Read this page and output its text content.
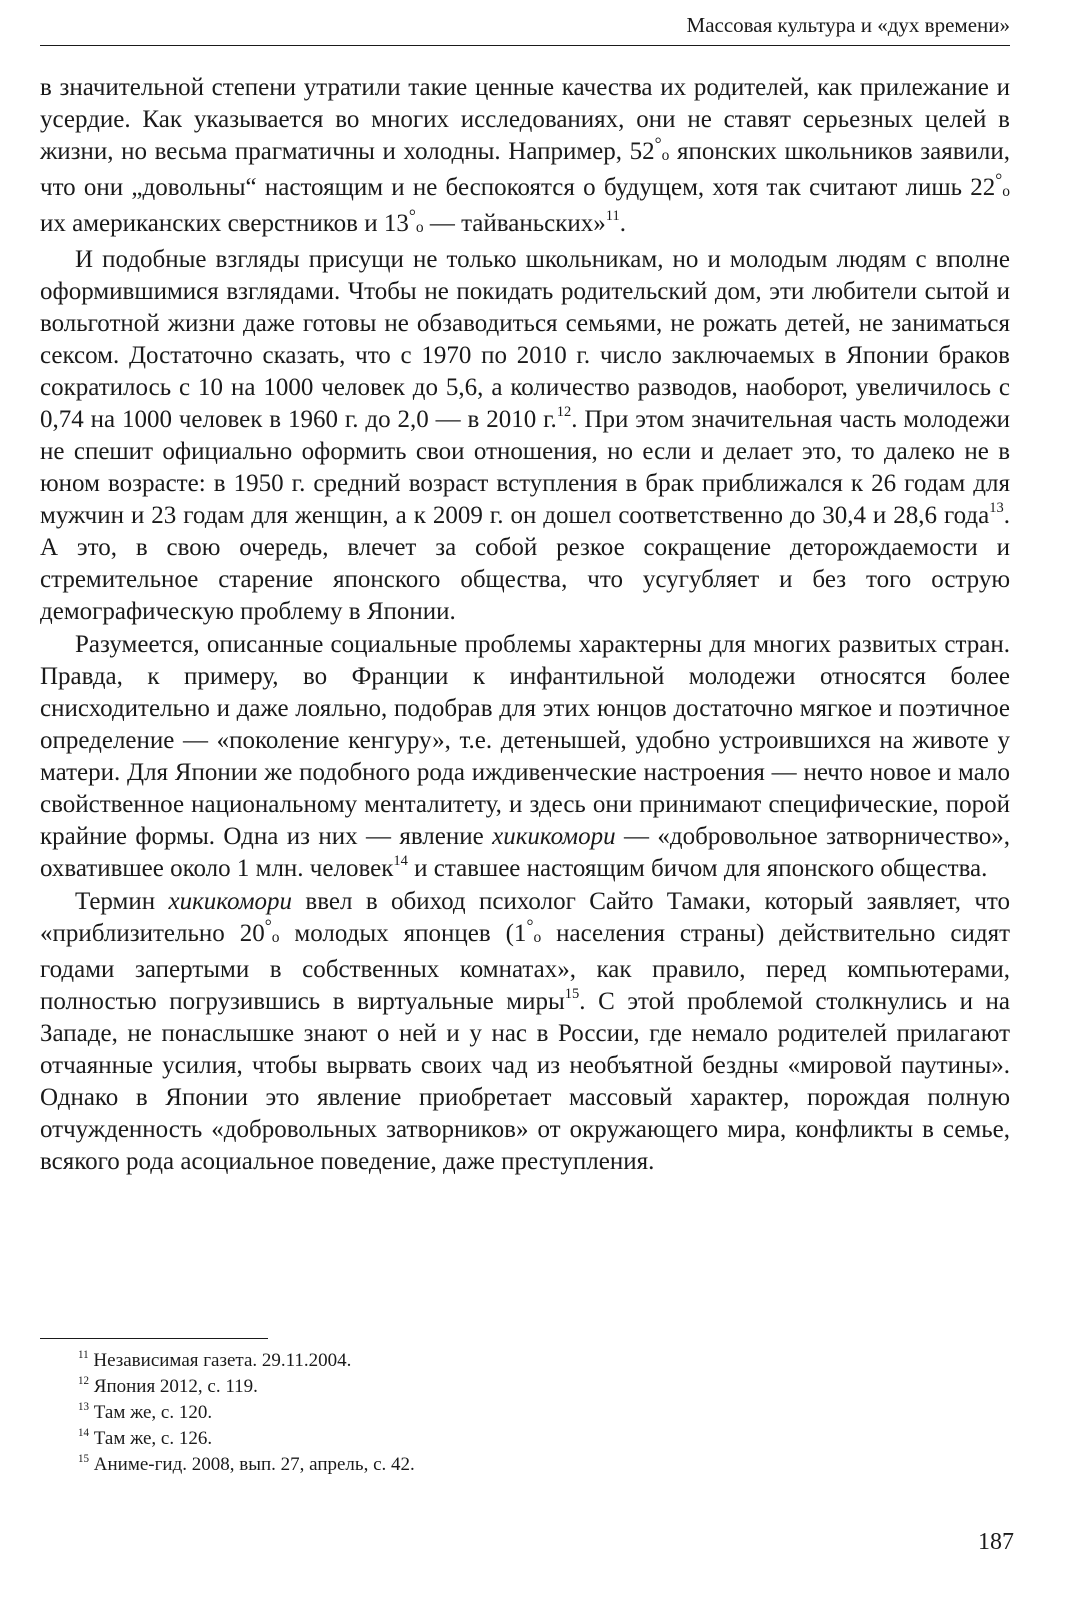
Массовая культура и «дух времени»

в значительной степени утратили такие ценные качества их родителей, как прилежание и усердие. Как указывается во многих исследованиях, они не ставят серьезных целей в жизни, но весьма прагматичны и холодны. Например, 52°о японских школьников заявили, что они „довольны“ настоящим и не беспокоятся о будущем, хотя так считают лишь 22°о их американских сверстников и 13°о — тайваньских»$^{11}$.

И подобные взгляды присущи не только школьникам, но и молодым людям с вполне оформившимися взглядами. Чтобы не покидать родительский дом, эти любители сытой и вольготной жизни даже готовы не обзаводиться семьями, не рожать детей, не заниматься сексом. Достаточно сказать, что с 1970 по 2010 г. число заключаемых в Японии браков сократилось с 10 на 1000 человек до 5,6, а количество разводов, наоборот, увеличилось с 0,74 на 1000 человек в 1960 г. до 2,0 — в 2010 г.$^{12}$. При этом значительная часть молодежи не спешит официально оформить свои отношения, но если и делает это, то далеко не в юном возрасте: в 1950 г. средний возраст вступления в брак приближался к 26 годам для мужчин и 23 годам для женщин, а к 2009 г. он дошел соответственно до 30,4 и 28,6 года$^{13}$. А это, в свою очередь, влечет за собой резкое сокращение деторождаемости и стремительное старение японского общества, что усугубляет и без того острую демографическую проблему в Японии.

Разумеется, описанные социальные проблемы характерны для многих развитых стран. Правда, к примеру, во Франции к инфантильной молодежи относятся более снисходительно и даже лояльно, подобрав для этих юнцов достаточно мягкое и поэтичное определение — «поколение кенгуру», т.е. детенышей, удобно устроившихся на животе у матери. Для Японии же подобного рода иждивенческие настроения — нечто новое и мало свойственное национальному менталитету, и здесь они принимают специфические, порой крайние формы. Одна из них — явление хикикомори — «добровольное затворничество», охватившее около 1 млн. человек$^{14}$ и ставшее настоящим бичом для японского общества.

Термин хикикомори ввел в обиход психолог Сайто Тамаки, который заявляет, что «приблизительно 20°о молодых японцев (1°о населения страны) действительно сидят годами запертыми в собственных комнатах», как правило, перед компьютерами, полностью погрузившись в виртуальные миры$^{15}$. С этой проблемой столкнулись и на Западе, не понаслышке знают о ней и у нас в России, где немало родителей прилагают отчаянные усилия, чтобы вырвать своих чад из необъятной бездны «мировой паутины». Однако в Японии это явление приобретает массовый характер, порождая полную отчужденность «добровольных затворников» от окружающего мира, конфликты в семье, всякого рода асоциальное поведение, даже преступления.

$^{11}$ Независимая газета. 29.11.2004.

$^{12}$ Япония 2012, с. 119.

$^{13}$ Там же, с. 120.

$^{14}$ Там же, с. 126.

$^{15}$ Аниме-гид. 2008, вып. 27, апрель, с. 42.

187
